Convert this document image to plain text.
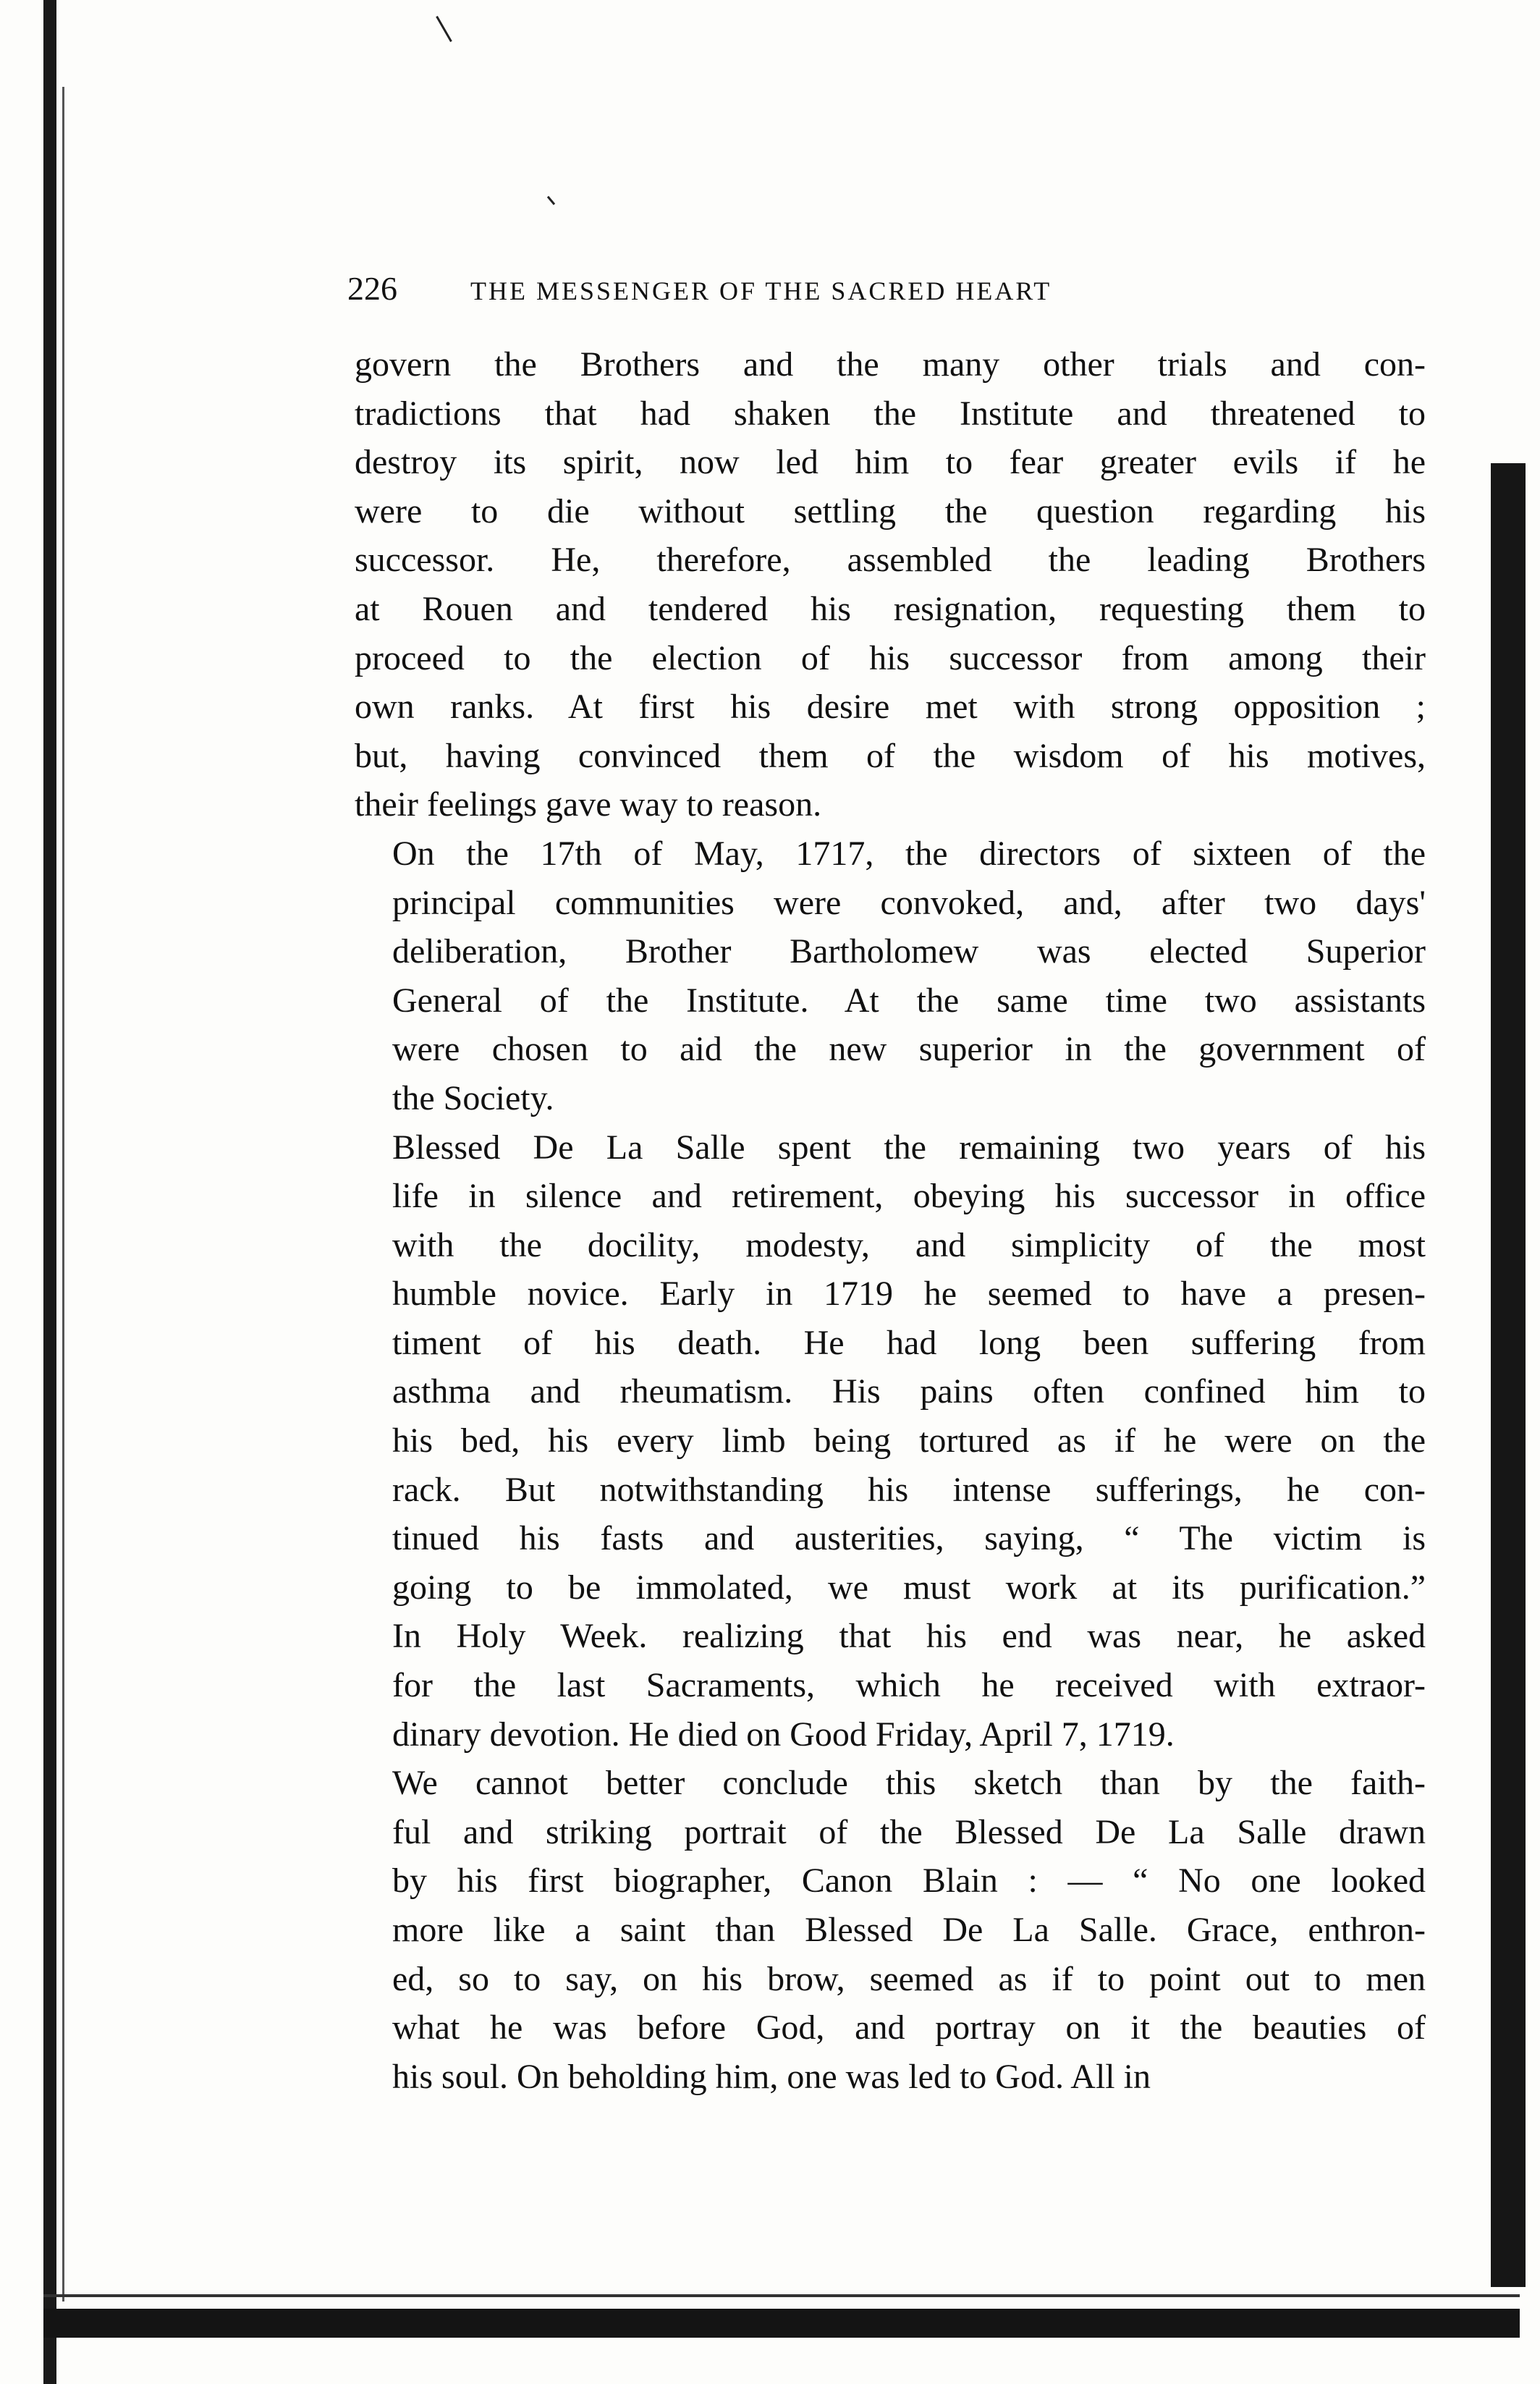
226	THE MESSENGER OF THE SACRED HEART

govern the Brothers and the many other trials and con-
tradictions that had shaken the Institute and threatened to
destroy its spirit, now led him to fear greater evils if he
were to die without settling the question regarding his
successor. He, therefore, assembled the leading Brothers
at Rouen and tendered his resignation, requesting them to
proceed to the election of his successor from among their
own ranks. At first his desire met with strong opposition ;
but, having convinced them of the wisdom of his motives,
their feelings gave way to reason.

On the 17th of May, 1717, the directors of sixteen of the
principal communities were convoked, and, after two days'
deliberation, Brother Bartholomew was elected Superior
General of the Institute. At the same time two assistants
were chosen to aid the new superior in the government of
the Society.

Blessed De La Salle spent the remaining two years of his
life in silence and retirement, obeying his successor in office
with the docility, modesty, and simplicity of the most
humble novice. Early in 1719 he seemed to have a presen-
timent of his death. He had long been suffering from
asthma and rheumatism. His pains often confined him to
his bed, his every limb being tortured as if he were on the
rack. But notwithstanding his intense sufferings, he con-
tinued his fasts and austerities, saying, “ The victim is
going to be immolated, we must work at its purification.”
In Holy Week. realizing that his end was near, he asked
for the last Sacraments, which he received with extraor-
dinary devotion. He died on Good Friday, April 7, 1719.

We cannot better conclude this sketch than by the faith-
ful and striking portrait of the Blessed De La Salle drawn
by his first biographer, Canon Blain : — “ No one looked
more like a saint than Blessed De La Salle. Grace, enthron-
ed, so to say, on his brow, seemed as if to point out to men
what he was before God, and portray on it the beauties of
his soul. On beholding him, one was led to God. All in
